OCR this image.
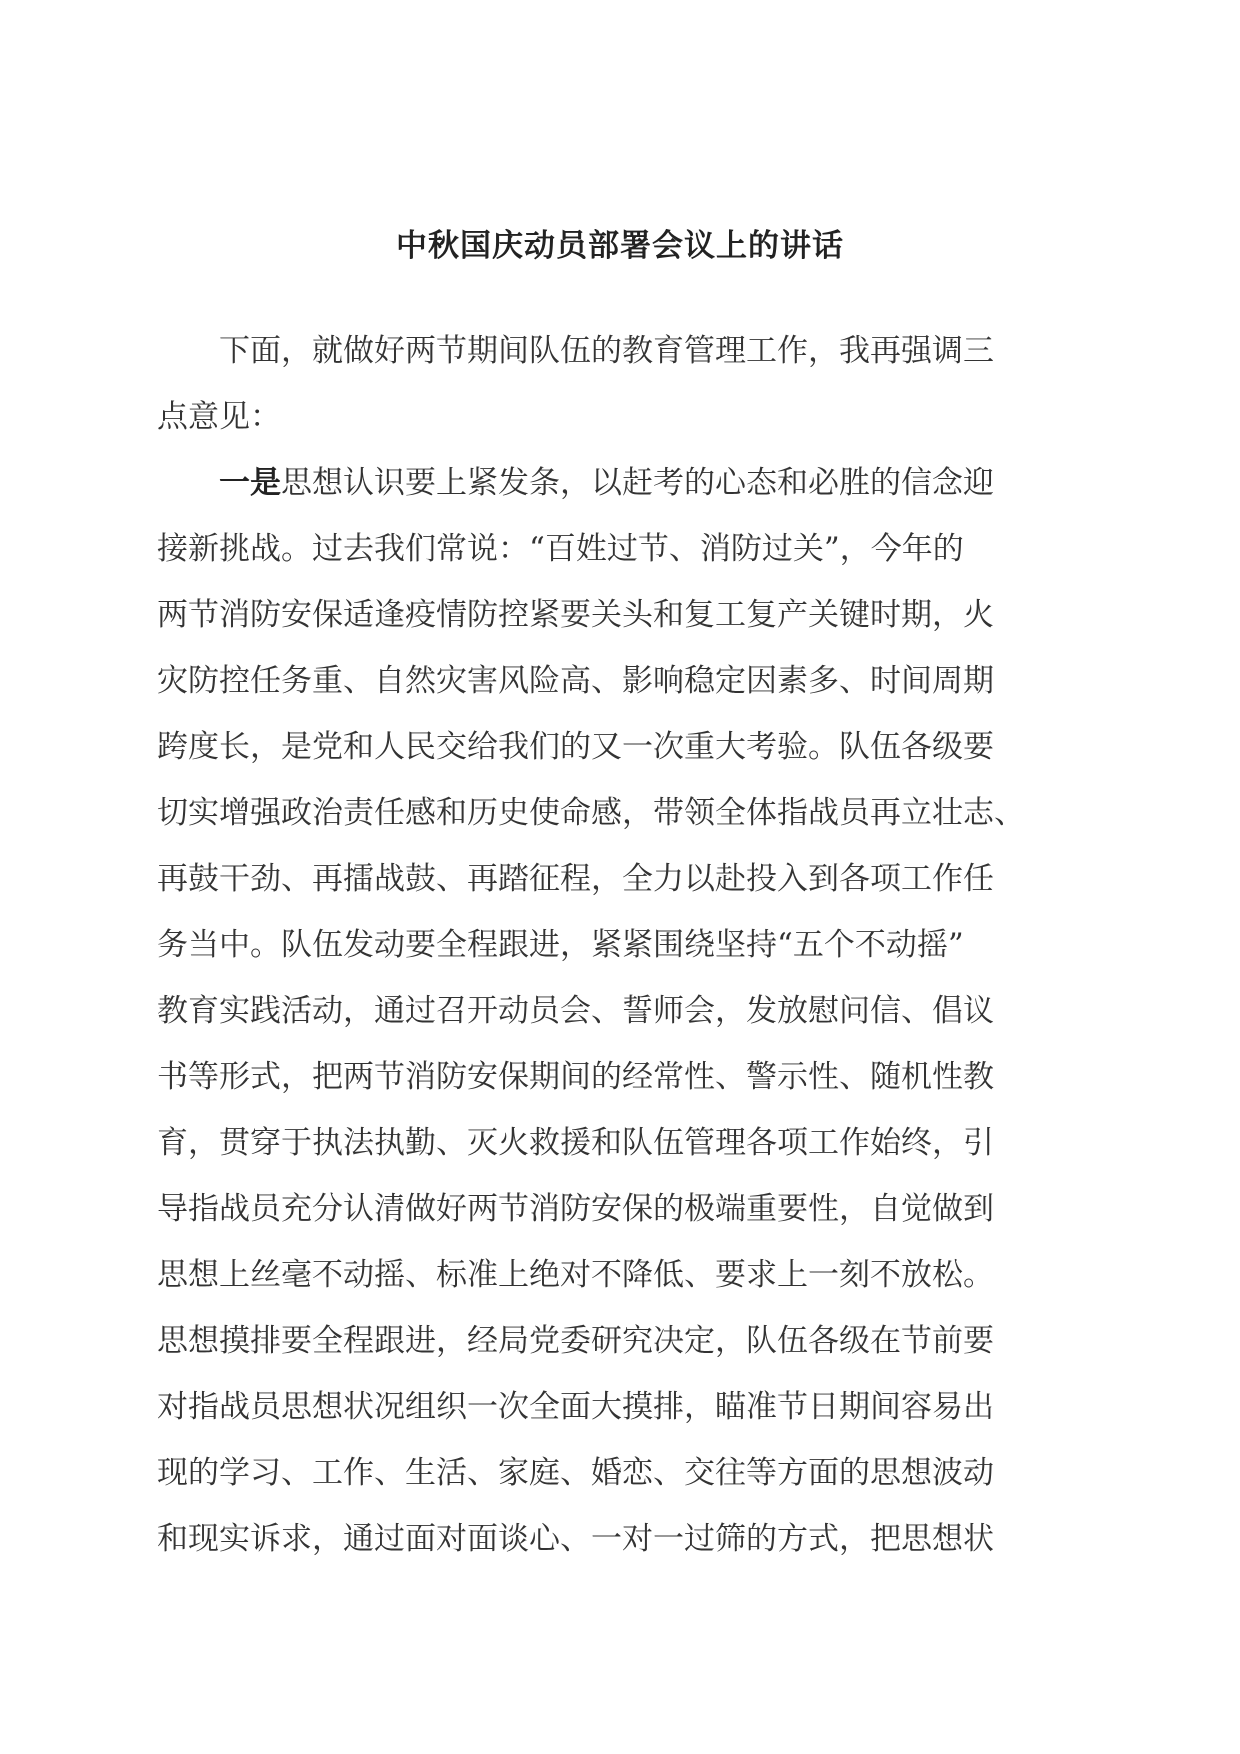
中秋国庆动员部署会议上的讲话

下面，就做好两节期间队伍的教育管理工作，我再强调三

点意见：

一是思想认识要上紧发条，以赶考的心态和必胜的信念迎

接新挑战。过去我们常说：“百姓过节、消防过关”，今年的

两节消防安保适逢疫情防控紧要关头和复工复产关键时期，火

灾防控任务重、自然灾害风险高、影响稳定因素多、时间周期

跨度长，是党和人民交给我们的又一次重大考验。队伍各级要

切实增强政治责任感和历史使命感，带领全体指战员再立壮志、

再鼓干劲、再擂战鼓、再踏征程，全力以赴投入到各项工作任

务当中。队伍发动要全程跟进，紧紧围绕坚持“五个不动摇”

教育实践活动，通过召开动员会、誓师会，发放慰问信、倡议

书等形式，把两节消防安保期间的经常性、警示性、随机性教

育，贯穿于执法执勤、灭火救援和队伍管理各项工作始终，引

导指战员充分认清做好两节消防安保的极端重要性，自觉做到

思想上丝毫不动摇、标准上绝对不降低、要求上一刻不放松。

思想摸排要全程跟进，经局党委研究决定，队伍各级在节前要

对指战员思想状况组织一次全面大摸排，瞄准节日期间容易出

现的学习、工作、生活、家庭、婚恋、交往等方面的思想波动

和现实诉求，通过面对面谈心、一对一过筛的方式，把思想状
